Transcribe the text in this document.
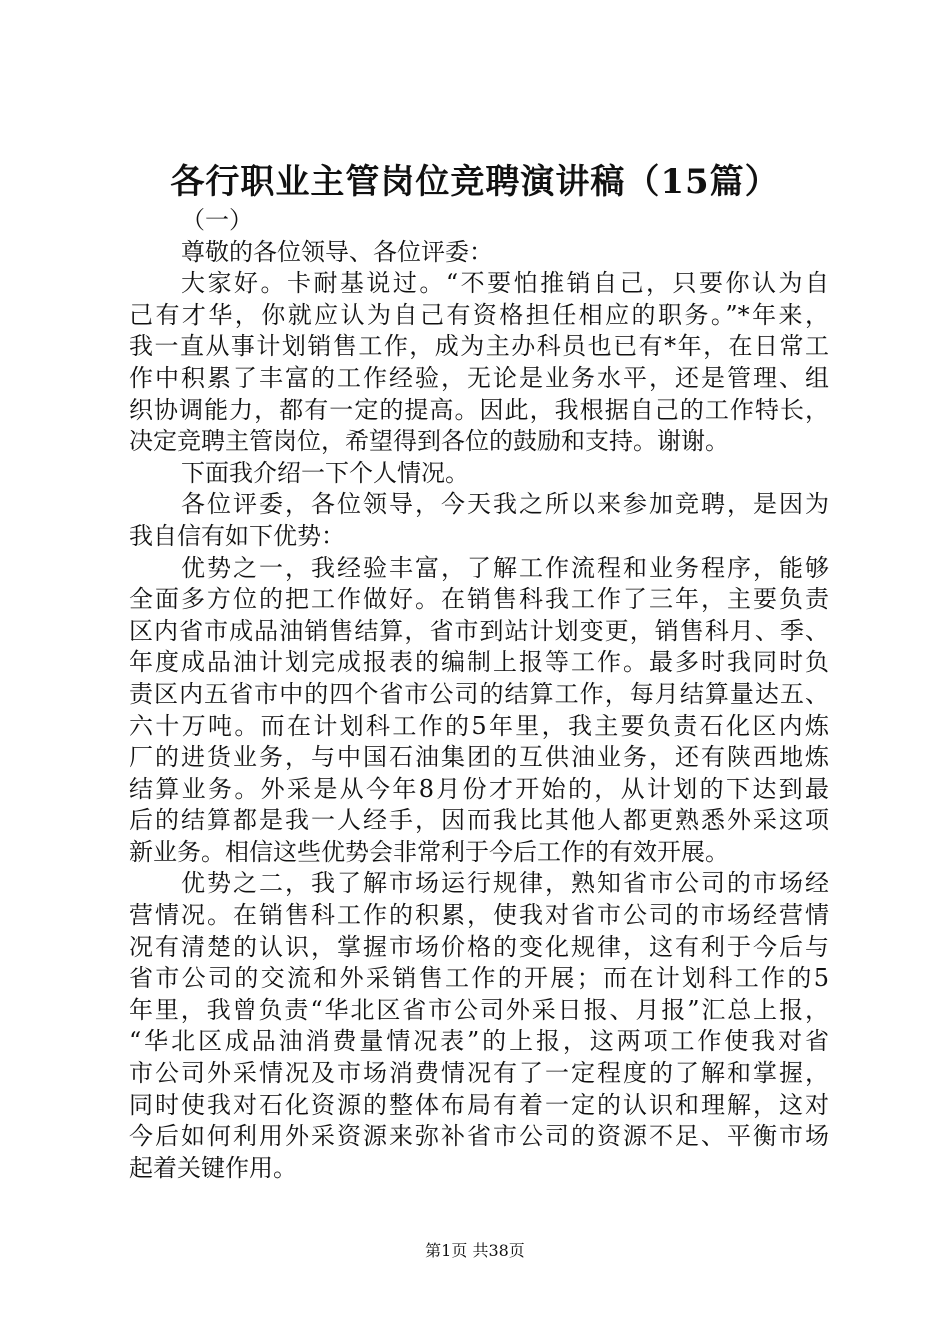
各行职业主管岗位竞聘演讲稿（15篇）
（一）
尊敬的各位领导、各位评委：
大家好。卡耐基说过。“不要怕推销自己，只要你认为自
己有才华，你就应认为自己有资格担任相应的职务。”*年来，
我一直从事计划销售工作，成为主办科员也已有*年，在日常工
作中积累了丰富的工作经验，无论是业务水平，还是管理、组
织协调能力，都有一定的提高。因此，我根据自己的工作特长，
决定竞聘主管岗位，希望得到各位的鼓励和支持。谢谢。
下面我介绍一下个人情况。
各位评委，各位领导，今天我之所以来参加竞聘，是因为
我自信有如下优势：
优势之一，我经验丰富，了解工作流程和业务程序，能够
全面多方位的把工作做好。在销售科我工作了三年，主要负责
区内省市成品油销售结算，省市到站计划变更，销售科月、季、
年度成品油计划完成报表的编制上报等工作。最多时我同时负
责区内五省市中的四个省市公司的结算工作，每月结算量达五、
六十万吨。而在计划科工作的5年里，我主要负责石化区内炼
厂的进货业务，与中国石油集团的互供油业务，还有陕西地炼
结算业务。外采是从今年8月份才开始的，从计划的下达到最
后的结算都是我一人经手，因而我比其他人都更熟悉外采这项
新业务。相信这些优势会非常利于今后工作的有效开展。
优势之二，我了解市场运行规律，熟知省市公司的市场经
营情况。在销售科工作的积累，使我对省市公司的市场经营情
况有清楚的认识，掌握市场价格的变化规律，这有利于今后与
省市公司的交流和外采销售工作的开展；而在计划科工作的5
年里，我曾负责“华北区省市公司外采日报、月报”汇总上报，
“华北区成品油消费量情况表”的上报，这两项工作使我对省
市公司外采情况及市场消费情况有了一定程度的了解和掌握，
同时使我对石化资源的整体布局有着一定的认识和理解，这对
今后如何利用外采资源来弥补省市公司的资源不足、平衡市场
起着关键作用。
第1页 共38页
